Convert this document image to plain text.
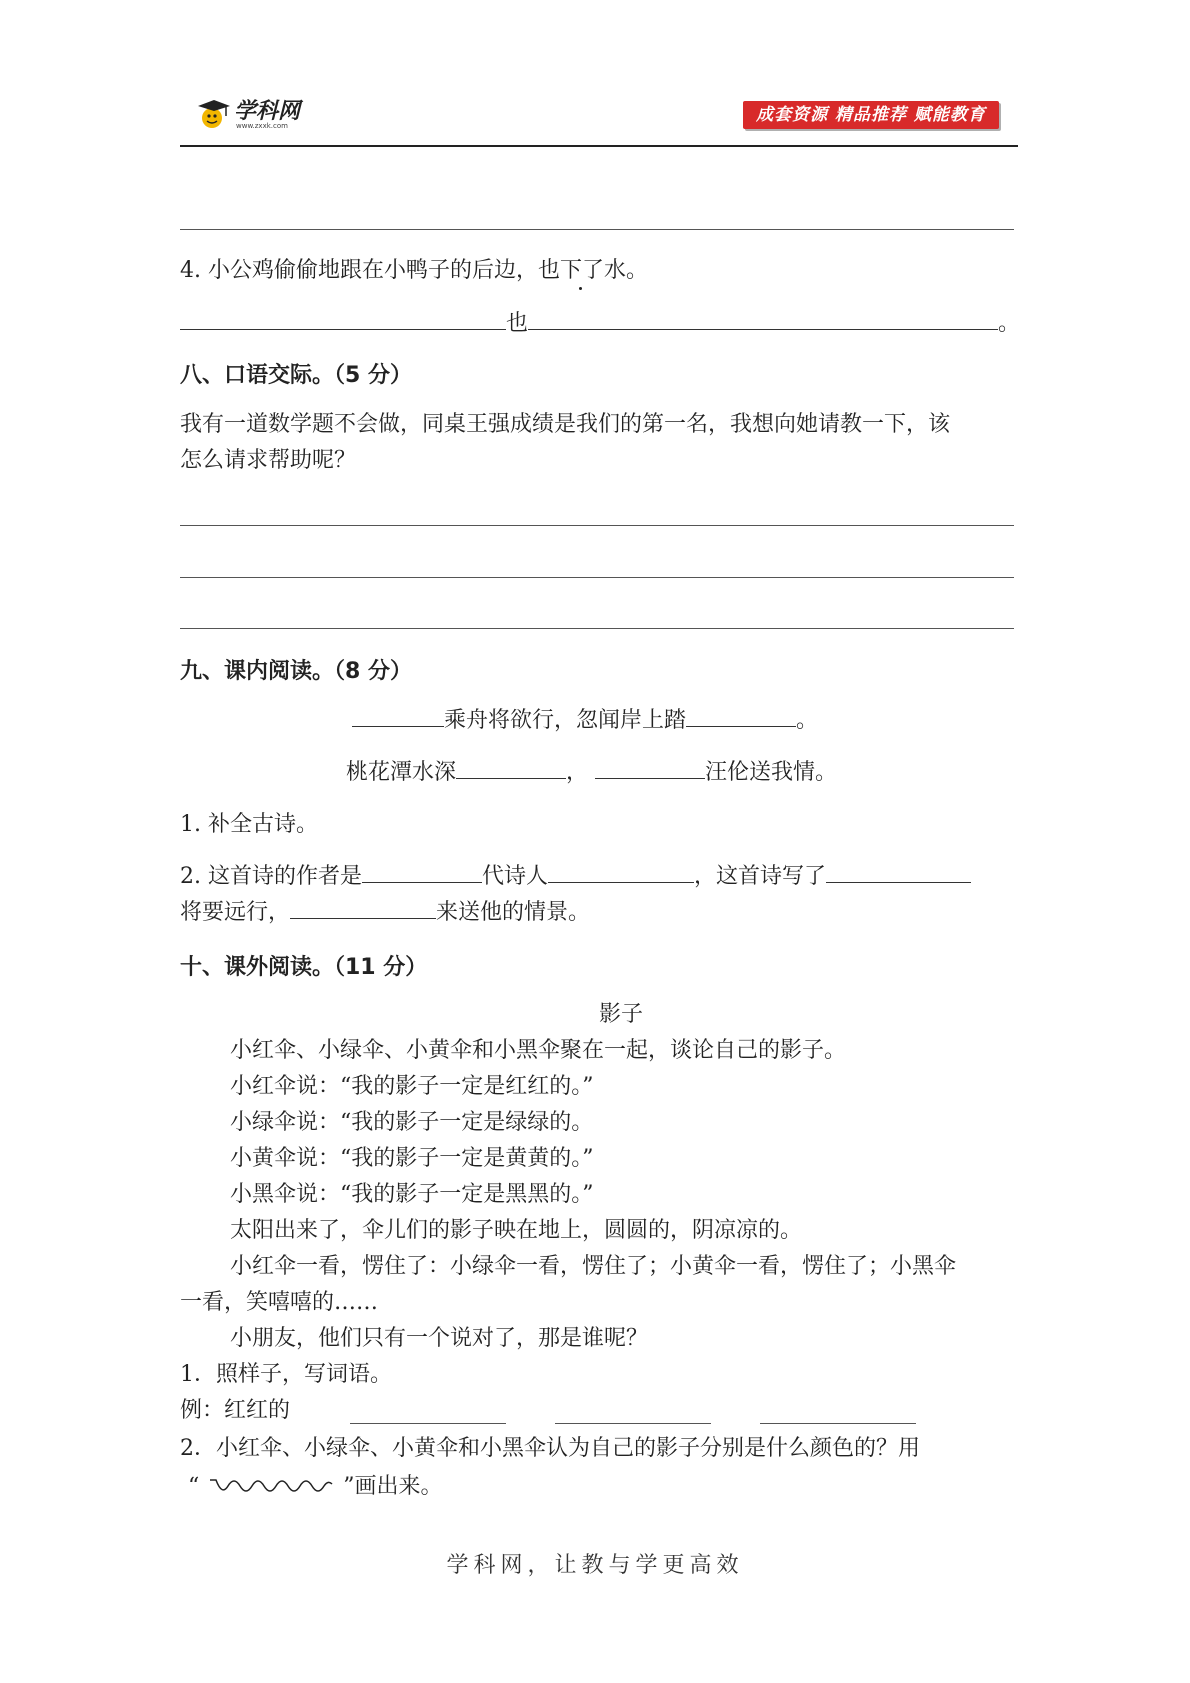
学科网
www.zxxk.com
成套资源 精品推荐 赋能教育
4. 小公鸡偷偷地跟在小鸭子的后边，也下了水。
也	。
八、口语交际。（5 分）
我有一道数学题不会做，同桌王强成绩是我们的第一名，我想向她请教一下，该
怎么请求帮助呢？
九、课内阅读。（8 分）
乘舟将欲行，忽闻岸上踏	。
桃花潭水深	，	汪伦送我情。
1. 补全古诗。
2. 这首诗的作者是	代诗人	，这首诗写了
将要远行，	来送他的情景。
十、课外阅读。（11 分）
影子
小红伞、小绿伞、小黄伞和小黑伞聚在一起，谈论自己的影子。
小红伞说：“我的影子一定是红红的。”
小绿伞说：“我的影子一定是绿绿的。
小黄伞说：“我的影子一定是黄黄的。”
小黑伞说：“我的影子一定是黑黑的。”
太阳出来了，伞儿们的影子映在地上，圆圆的，阴凉凉的。
小红伞一看，愣住了：小绿伞一看，愣住了；小黄伞一看，愣住了；小黑伞
一看，笑嘻嘻的……
小朋友，他们只有一个说对了，那是谁呢？
1．照样子，写词语。
例：红红的
2．小红伞、小绿伞、小黄伞和小黑伞认为自己的影子分别是什么颜色的？用
“	”画出来。
学科网，让教与学更高效
